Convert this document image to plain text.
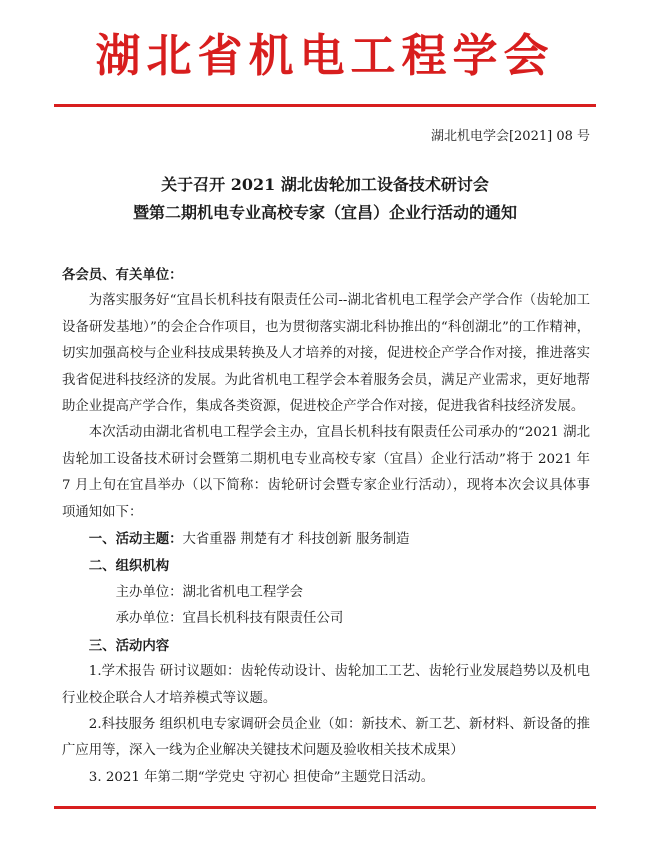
湖北省机电工程学会
湖北机电学会[2021] 08 号
关于召开 2021 湖北齿轮加工设备技术研讨会
暨第二期机电专业高校专家（宜昌）企业行活动的通知

各会员、有关单位：

为落实服务好“宜昌长机科技有限责任公司--湖北省机电工程学会产学合作（齿轮加工设备研发基地）”的会企合作项目，也为贯彻落实湖北科协推出的“科创湖北”的工作精神，切实加强高校与企业科技成果转换及人才培养的对接，促进校企产学合作对接，推进落实我省促进科技经济的发展。为此省机电工程学会本着服务会员，满足产业需求，更好地帮助企业提高产学合作，集成各类资源，促进校企产学合作对接，促进我省科技经济发展。

本次活动由湖北省机电工程学会主办，宜昌长机科技有限责任公司承办的“2021 湖北齿轮加工设备技术研讨会暨第二期机电专业高校专家（宜昌）企业行活动”将于 2021 年 7 月上旬在宜昌举办（以下简称：齿轮研讨会暨专家企业行活动），现将本次会议具体事项通知如下：

一、活动主题：大省重器 荆楚有才 科技创新 服务制造

二、组织机构

主办单位：湖北省机电工程学会

承办单位：宜昌长机科技有限责任公司

三、活动内容

1.学术报告 研讨议题如：齿轮传动设计、齿轮加工工艺、齿轮行业发展趋势以及机电行业校企联合人才培养模式等议题。

2.科技服务 组织机电专家调研会员企业（如：新技术、新工艺、新材料、新设备的推广应用等，深入一线为企业解决关键技术问题及验收相关技术成果）

3. 2021 年第二期“学党史 守初心 担使命”主题党日活动。
